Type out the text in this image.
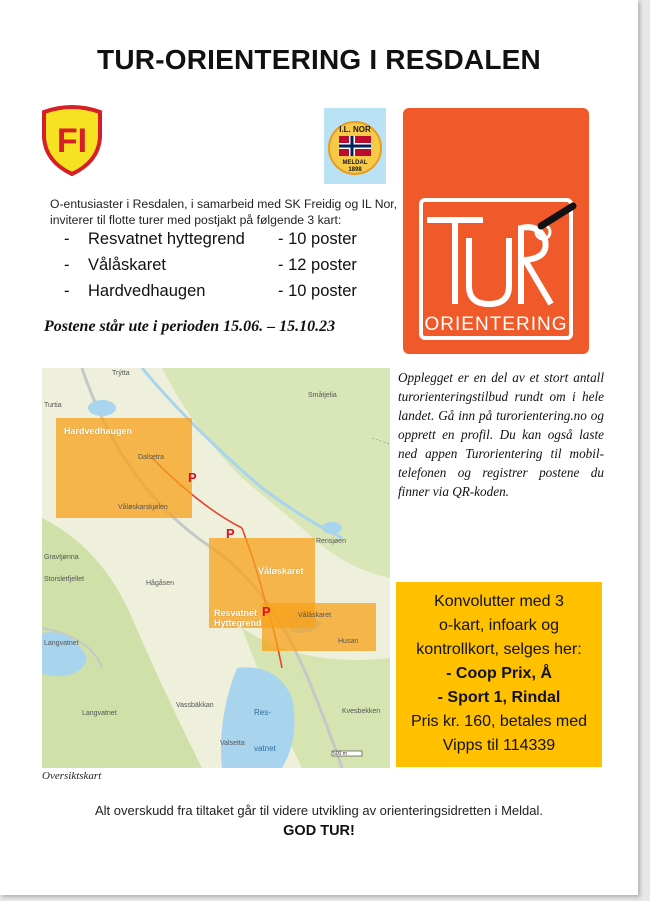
TUR-ORIENTERING I RESDALEN
FI	I.L. NOR
MELDAL
1898
ORIENTERING
O-entusiaster i Resdalen, i samarbeid med SK Freidig og IL Nor, inviterer til flotte turer med postjakt på følgende 3 kart:
- Resvatnet hyttegrend - 10 poster
- Vålåskaret	- 12 poster
- Hardvedhaugen	- 10 poster
Postene står ute i perioden 15.06. – 15.10.23
Hardvedhaugen
Våløskaret
Resvatnet Hyttegrend
Trýtta
Turtia
Småtjelia
Dalsetra
Våløskarskjølen
Rensjøen
Gravtjønna
Storsletfjellet
Hågåsen
Langvatnet
Vålåskaret
Husan
Vassbäkkan
Langvatnet
Valsetta
Res-
vatnet
Kvesbekken
P
P
P
500 m
Oversiktskart
Opplegget er en del av et stort antall turorienteringstilbud rundt om i hele landet. Gå inn på turorientering.no og opprett en profil. Du kan også laste ned appen Turorientering til mobil-telefonen og registrer postene du finner via QR-koden.
Konvolutter med 3
o-kart, infoark og
kontrollkort, selges her:
- Coop Prix, Å
- Sport 1, Rindal
Pris kr. 160, betales med
Vipps til 114339
Alt overskudd fra tiltaket går til videre utvikling av orienteringsidretten i Meldal.
GOD TUR!
